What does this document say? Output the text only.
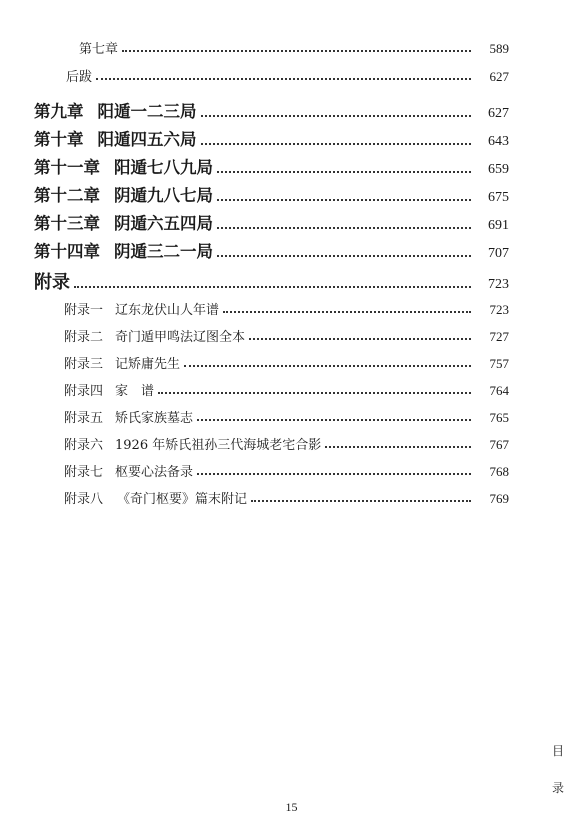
第七章	589
后跋	627
第九章 阳遁一二三局	627
第十章 阳遁四五六局	643
第十一章 阳遁七八九局	659
第十二章 阴遁九八七局	675
第十三章 阴遁六五四局	691
第十四章 阴遁三二一局	707
附录	723
附录一 辽东龙伏山人年谱	723
附录二 奇门遁甲鸣法辽图全本	727
附录三 记矫庸先生	757
附录四 家　谱	764
附录五 矫氏家族墓志	765
附录六 1926 年矫氏祖孙三代海城老宅合影	767
附录七 枢要心法备录	768
附录八 《奇门枢要》篇末附记	769
目
录
15
